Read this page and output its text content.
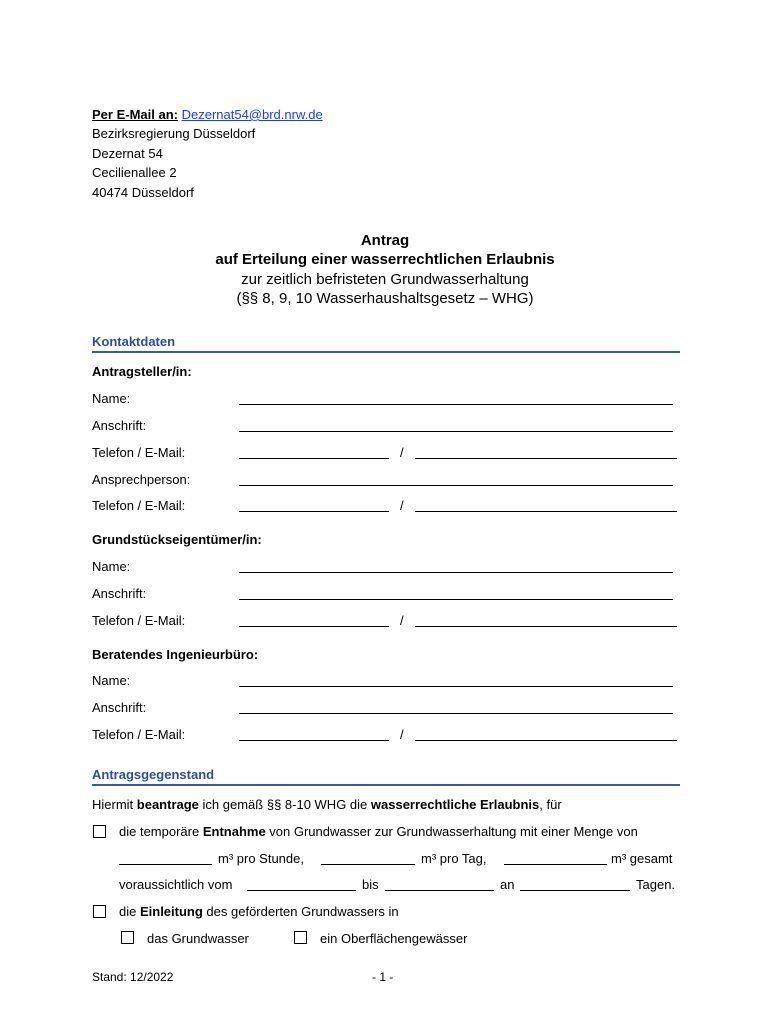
Per E-Mail an: Dezernat54@brd.nrw.de
Bezirksregierung Düsseldorf
Dezernat 54
Cecilienallee 2
40474 Düsseldorf
Antrag
auf Erteilung einer wasserrechtlichen Erlaubnis
zur zeitlich befristeten Grundwasserhaltung
(§§ 8, 9, 10 Wasserhaushaltsgesetz – WHG)
Kontaktdaten
Antragsteller/in:
Name:
Anschrift:
Telefon / E-Mail:	/
Ansprechperson:
Telefon / E-Mail:	/
Grundstückseigentümer/in:
Name:
Anschrift:
Telefon / E-Mail:	/
Beratendes Ingenieurbüro:
Name:
Anschrift:
Telefon / E-Mail:	/
Antragsgegenstand
Hiermit beantrage ich gemäß §§ 8-10 WHG die wasserrechtliche Erlaubnis, für
die temporäre Entnahme von Grundwasser zur Grundwasserhaltung mit einer Menge von
m³ pro Stunde,	m³ pro Tag,	m³ gesamt
voraussichtlich vom	bis	an	Tagen.
die Einleitung des geförderten Grundwassers in
das Grundwasser	ein Oberflächengewässer
Stand: 12/2022	- 1 -
